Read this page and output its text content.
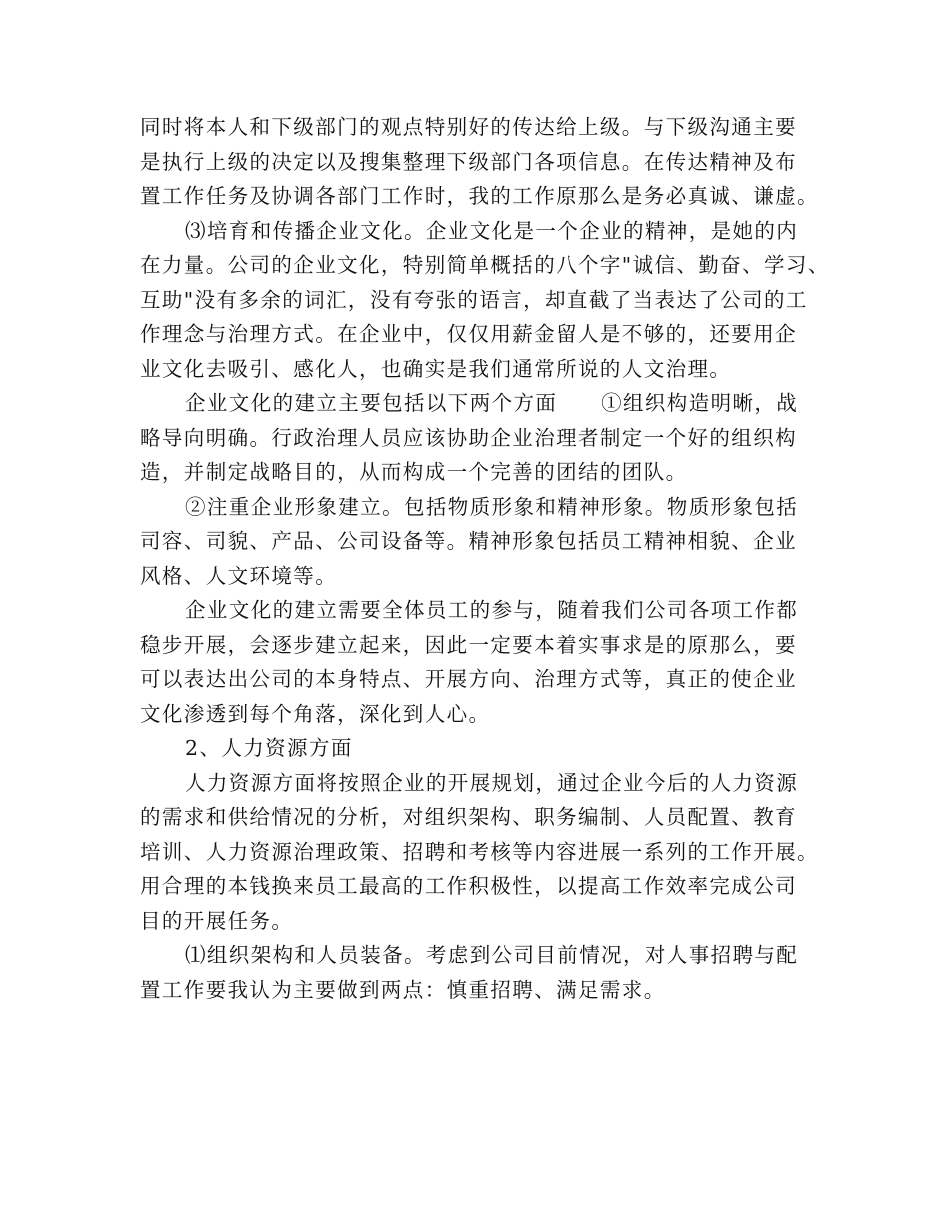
同时将本人和下级部门的观点特别好的传达给上级。与下级沟通主要
是执行上级的决定以及搜集整理下级部门各项信息。在传达精神及布
置工作任务及协调各部门工作时，我的工作原那么是务必真诚、谦虚。
⑶培育和传播企业文化。企业文化是一个企业的精神，是她的内
在力量。公司的企业文化，特别简单概括的八个字"诚信、勤奋、学习、
互助"没有多余的词汇，没有夸张的语言，却直截了当表达了公司的工
作理念与治理方式。在企业中，仅仅用薪金留人是不够的，还要用企
业文化去吸引、感化人，也确实是我们通常所说的人文治理。
企业文化的建立主要包括以下两个方面　　①组织构造明晰，战
略导向明确。行政治理人员应该协助企业治理者制定一个好的组织构
造，并制定战略目的，从而构成一个完善的团结的团队。
②注重企业形象建立。包括物质形象和精神形象。物质形象包括
司容、司貌、产品、公司设备等。精神形象包括员工精神相貌、企业
风格、人文环境等。
企业文化的建立需要全体员工的参与，随着我们公司各项工作都
稳步开展，会逐步建立起来，因此一定要本着实事求是的原那么，要
可以表达出公司的本身特点、开展方向、治理方式等，真正的使企业
文化渗透到每个角落，深化到人心。
2、人力资源方面
人力资源方面将按照企业的开展规划，通过企业今后的人力资源
的需求和供给情况的分析，对组织架构、职务编制、人员配置、教育
培训、人力资源治理政策、招聘和考核等内容进展一系列的工作开展。
用合理的本钱换来员工最高的工作积极性，以提高工作效率完成公司
目的开展任务。
⑴组织架构和人员装备。考虑到公司目前情况，对人事招聘与配
置工作要我认为主要做到两点：慎重招聘、满足需求。
